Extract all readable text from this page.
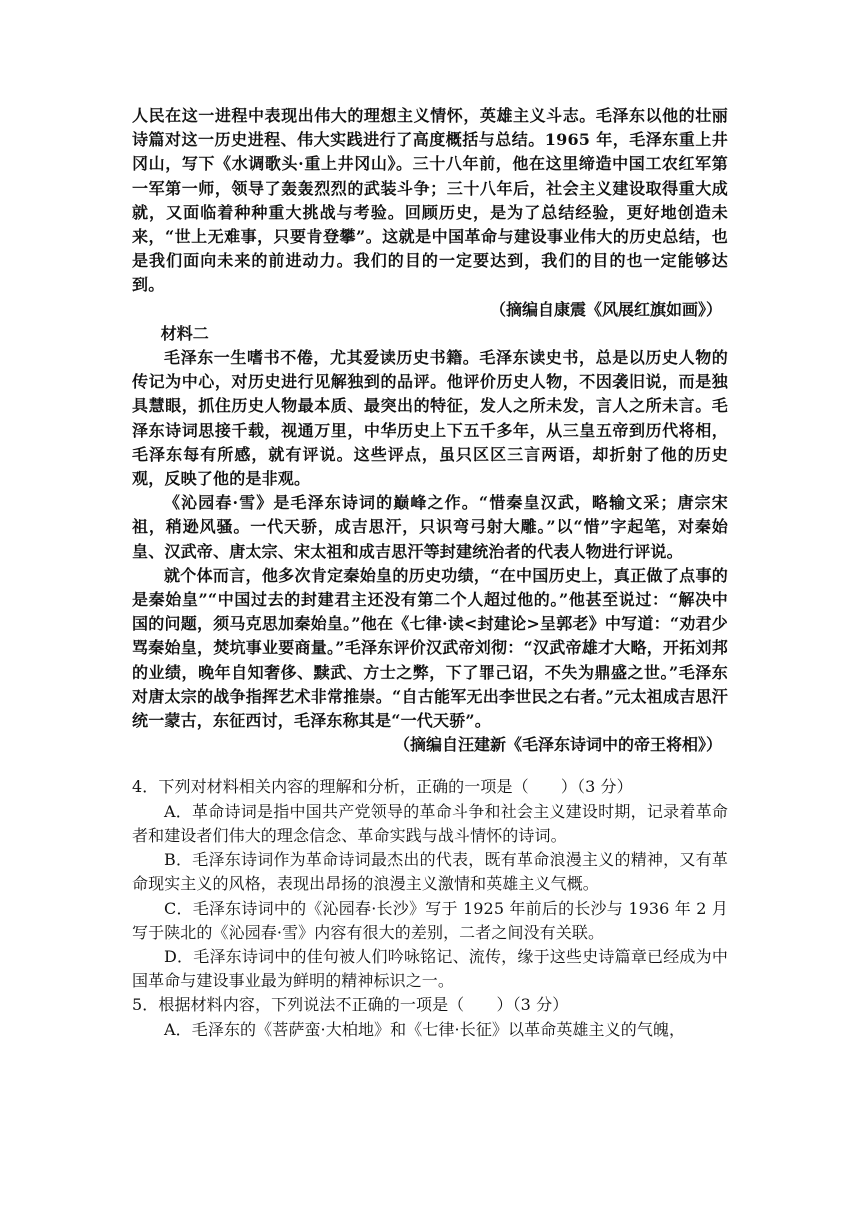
人民在这一进程中表现出伟大的理想主义情怀，英雄主义斗志。毛泽东以他的壮丽诗篇对这一历史进程、伟大实践进行了高度概括与总结。1965 年，毛泽东重上井冈山，写下《水调歌头·重上井冈山》。三十八年前，他在这里缔造中国工农红军第一军第一师，领导了轰轰烈烈的武装斗争；三十八年后，社会主义建设取得重大成就，又面临着种种重大挑战与考验。回顾历史，是为了总结经验，更好地创造未来，“世上无难事，只要肯登攀”。这就是中国革命与建设事业伟大的历史总结，也是我们面向未来的前进动力。我们的目的一定要达到，我们的目的也一定能够达到。

（摘编自康震《风展红旗如画》）

材料二

毛泽东一生嗜书不倦，尤其爱读历史书籍。毛泽东读史书，总是以历史人物的传记为中心，对历史进行见解独到的品评。他评价历史人物，不因袭旧说，而是独具慧眼，抓住历史人物最本质、最突出的特征，发人之所未发，言人之所未言。毛泽东诗词思接千载，视通万里，中华历史上下五千多年，从三皇五帝到历代将相，毛泽东每有所感，就有评说。这些评点，虽只区区三言两语，却折射了他的历史观，反映了他的是非观。

《沁园春·雪》是毛泽东诗词的巅峰之作。“惜秦皇汉武，略输文采；唐宗宋祖，稍逊风骚。一代天骄，成吉思汗，只识弯弓射大雕。”以“惜”字起笔，对秦始皇、汉武帝、唐太宗、宋太祖和成吉思汗等封建统治者的代表人物进行评说。

就个体而言，他多次肯定秦始皇的历史功绩，“在中国历史上，真正做了点事的是秦始皇”“中国过去的封建君主还没有第二个人超过他的。”他甚至说过：“解决中国的问题，须马克思加秦始皇。”他在《七律·读<封建论>呈郭老》中写道：“劝君少骂秦始皇，焚坑事业要商量。”毛泽东评价汉武帝刘彻：“汉武帝雄才大略，开拓刘邦的业绩，晚年自知奢侈、黩武、方士之弊，下了罪己诏，不失为鼎盛之世。”毛泽东对唐太宗的战争指挥艺术非常推崇。“自古能军无出李世民之右者。”元太祖成吉思汗统一蒙古，东征西讨，毛泽东称其是“一代天骄”。

（摘编自汪建新《毛泽东诗词中的帝王将相》）

4．下列对材料相关内容的理解和分析，正确的一项是（　　）（3 分）

A．革命诗词是指中国共产党领导的革命斗争和社会主义建设时期，记录着革命者和建设者们伟大的理念信念、革命实践与战斗情怀的诗词。

B．毛泽东诗词作为革命诗词最杰出的代表，既有革命浪漫主义的精神，又有革命现实主义的风格，表现出昂扬的浪漫主义激情和英雄主义气概。

C．毛泽东诗词中的《沁园春·长沙》写于 1925 年前后的长沙与 1936 年 2 月写于陕北的《沁园春·雪》内容有很大的差别，二者之间没有关联。

D．毛泽东诗词中的佳句被人们吟咏铭记、流传，缘于这些史诗篇章已经成为中国革命与建设事业最为鲜明的精神标识之一。

5．根据材料内容，下列说法不正确的一项是（　　）（3 分）

A．毛泽东的《菩萨蛮·大柏地》和《七律·长征》以革命英雄主义的气魄，
